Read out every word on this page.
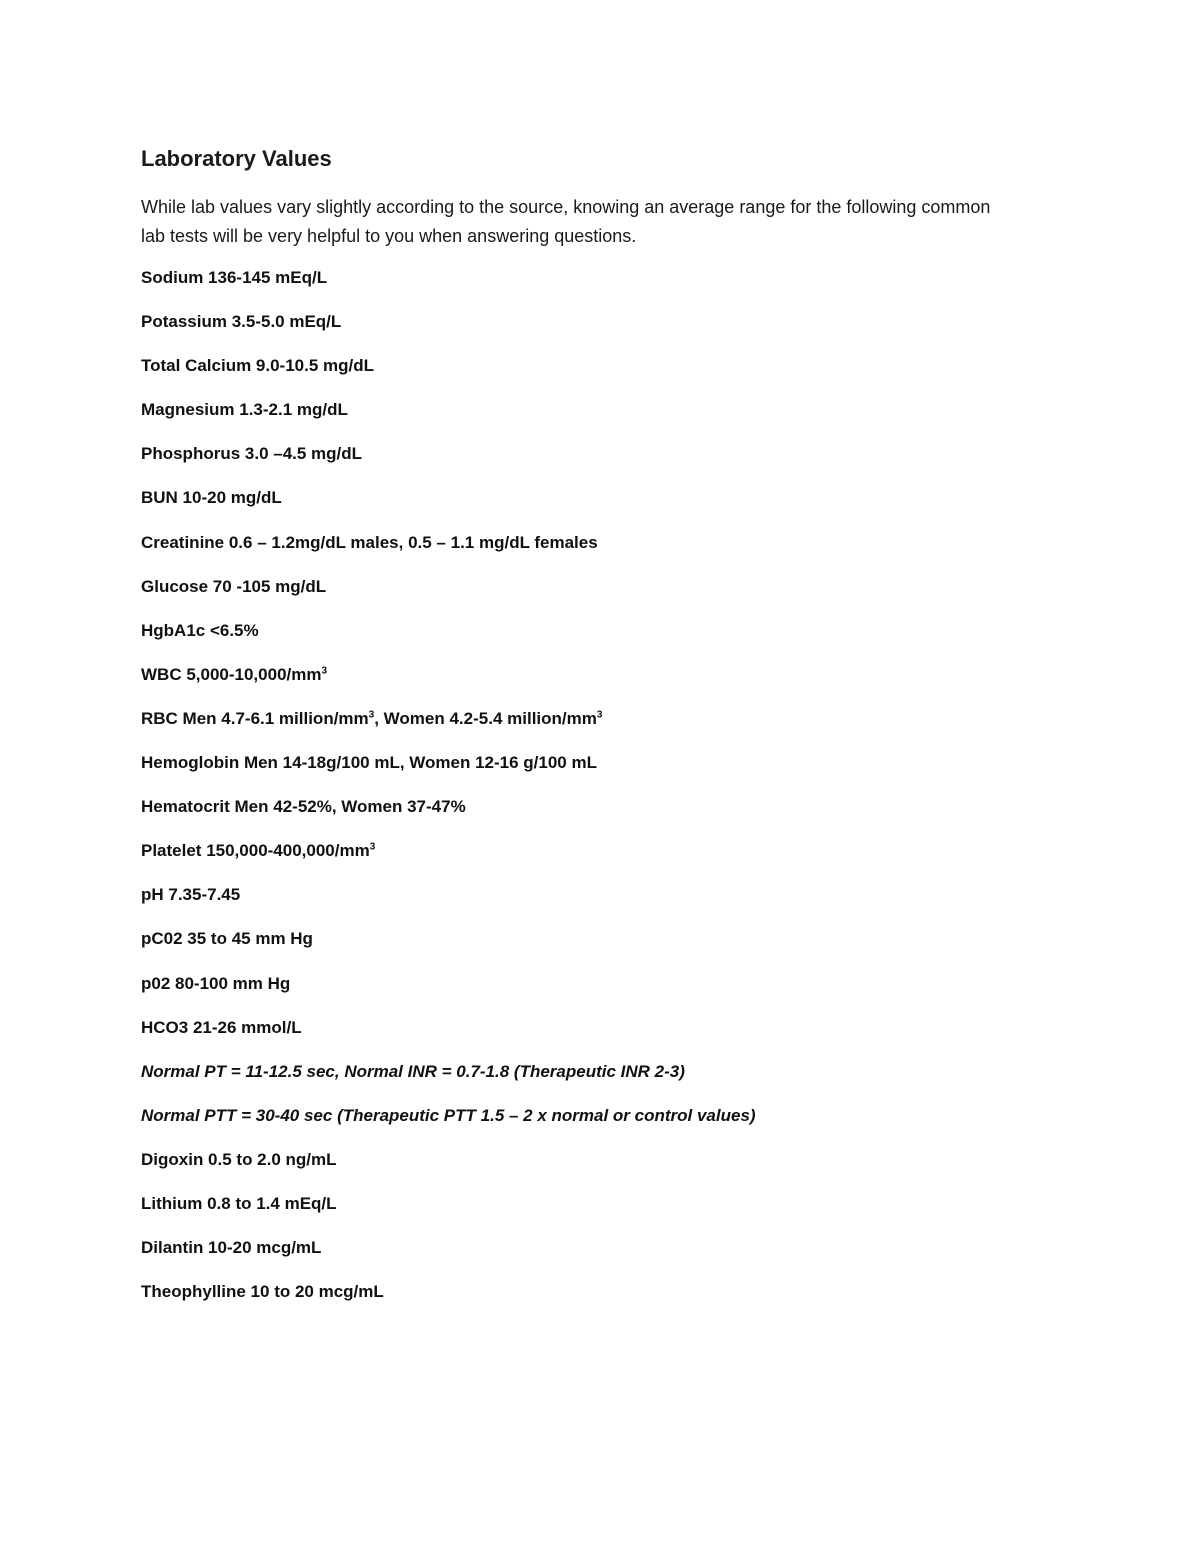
Laboratory Values

While lab values vary slightly according to the source, knowing an average range for the following common lab tests will be very helpful to you when answering questions.

Sodium 136-145 mEq/L
Potassium 3.5-5.0 mEq/L
Total Calcium 9.0-10.5 mg/dL
Magnesium 1.3-2.1 mg/dL
Phosphorus 3.0 –4.5 mg/dL
BUN 10-20 mg/dL
Creatinine 0.6 – 1.2mg/dL males, 0.5 – 1.1 mg/dL females
Glucose 70 -105 mg/dL
HgbA1c <6.5%
WBC $5,000-10,000/mm^3$
RBC Men 4.7-6.1 million/$mm^3$, Women 4.2-5.4 million/$mm^3$
Hemoglobin Men 14-18g/100 mL, Women 12-16 g/100 mL
Hematocrit Men 42-52%, Women 37-47%
Platelet $150,000-400,000/mm^3$
pH 7.35-7.45
pC02 35 to 45 mm Hg
p02 80-100 mm Hg
HCO3 21-26 mmol/L
Normal PT = 11-12.5 sec, Normal INR = 0.7-1.8 (Therapeutic INR 2-3)
Normal PTT = 30-40 sec (Therapeutic PTT 1.5 – 2 x normal or control values)
Digoxin 0.5 to 2.0 ng/mL
Lithium 0.8 to 1.4 mEq/L
Dilantin 10-20 mcg/mL
Theophylline 10 to 20 mcg/mL
